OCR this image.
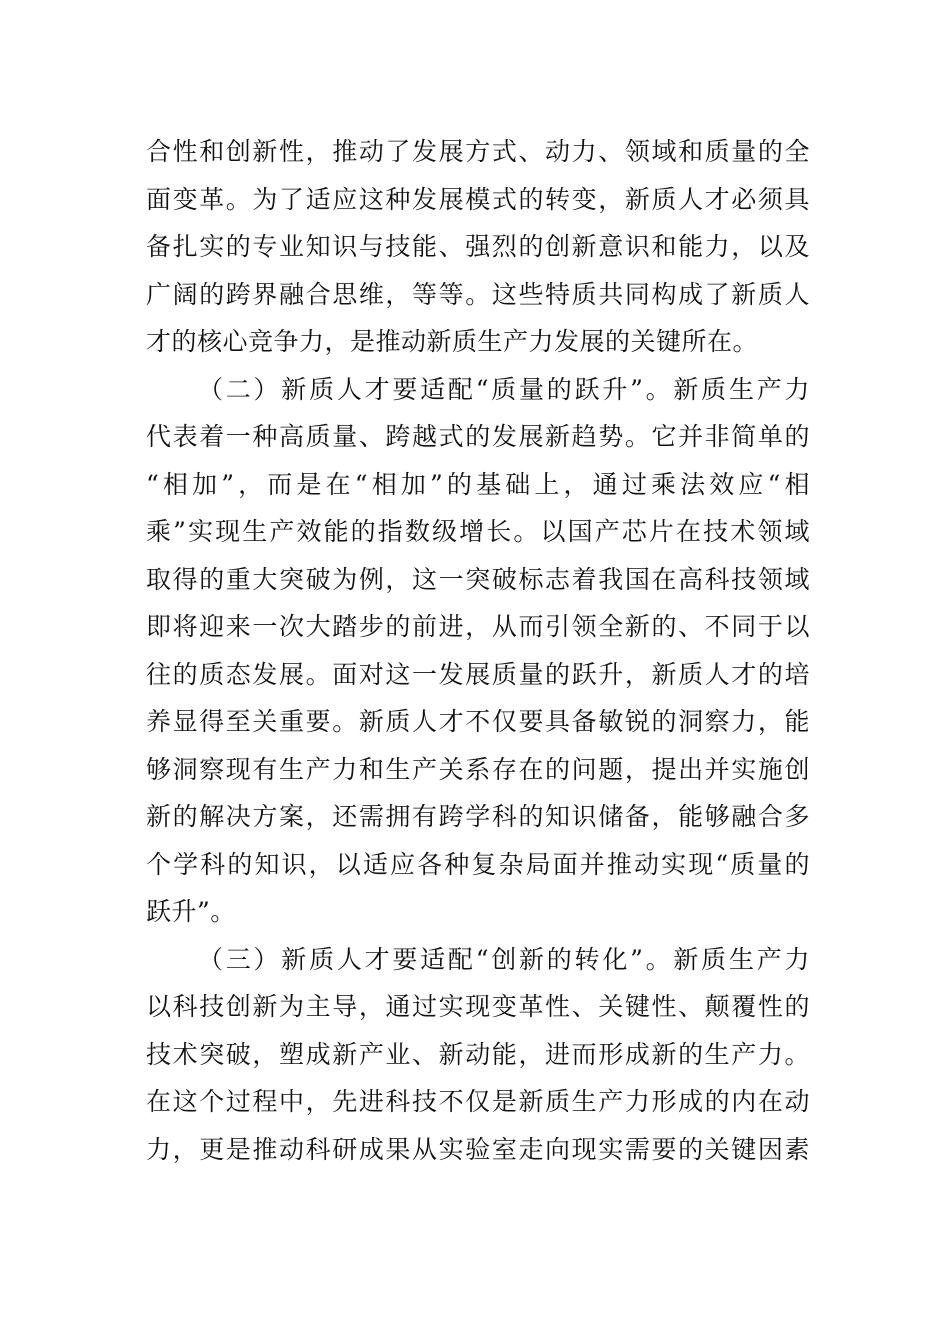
合性和创新性，推动了发展方式、动力、领域和质量的全
面变革。为了适应这种发展模式的转变，新质人才必须具
备扎实的专业知识与技能、强烈的创新意识和能力，以及
广阔的跨界融合思维，等等。这些特质共同构成了新质人
才的核心竞争力，是推动新质生产力发展的关键所在。
（二）新质人才要适配“质量的跃升”。新质生产力
代表着一种高质量、跨越式的发展新趋势。它并非简单的
“相加”，而是在“相加”的基础上，通过乘法效应“相
乘”实现生产效能的指数级增长。以国产芯片在技术领域
取得的重大突破为例，这一突破标志着我国在高科技领域
即将迎来一次大踏步的前进，从而引领全新的、不同于以
往的质态发展。面对这一发展质量的跃升，新质人才的培
养显得至关重要。新质人才不仅要具备敏锐的洞察力，能
够洞察现有生产力和生产关系存在的问题，提出并实施创
新的解决方案，还需拥有跨学科的知识储备，能够融合多
个学科的知识，以适应各种复杂局面并推动实现“质量的
跃升”。
（三）新质人才要适配“创新的转化”。新质生产力
以科技创新为主导，通过实现变革性、关键性、颠覆性的
技术突破，塑成新产业、新动能，进而形成新的生产力。
在这个过程中，先进科技不仅是新质生产力形成的内在动
力，更是推动科研成果从实验室走向现实需要的关键因素
